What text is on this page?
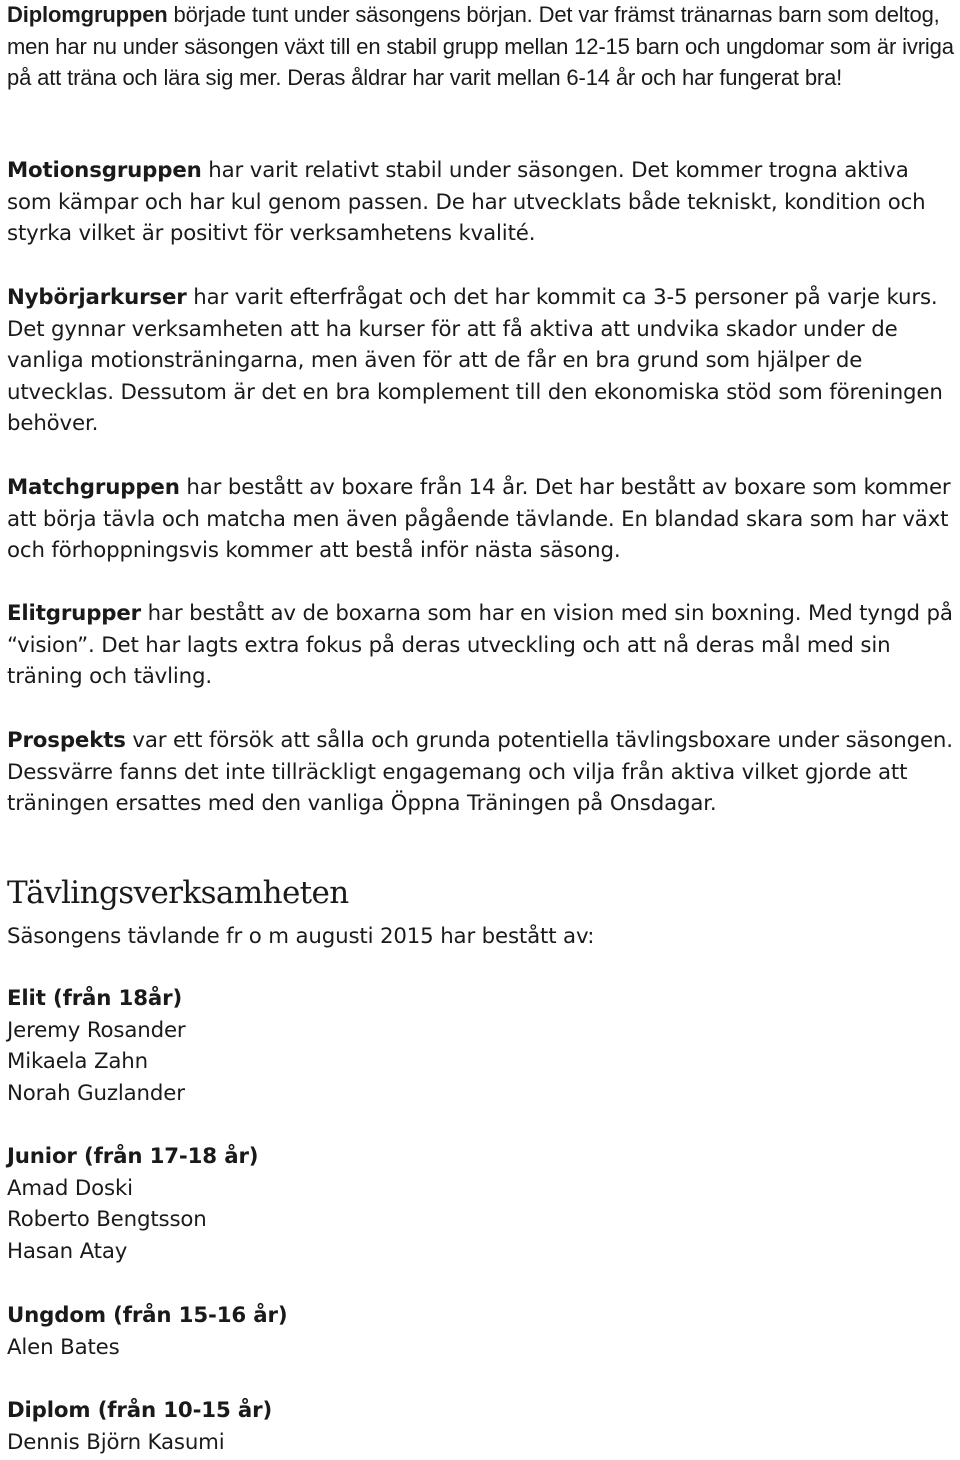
Diplomgruppen började tunt under säsongens början. Det var främst tränarnas barn som deltog, men har nu under säsongen växt till en stabil grupp mellan 12-15 barn och ungdomar som är ivriga på att träna och lära sig mer. Deras åldrar har varit mellan 6-14 år och har fungerat bra!

Motionsgruppen har varit relativt stabil under säsongen. Det kommer trogna aktiva som kämpar och har kul genom passen. De har utvecklats både tekniskt, kondition och styrka vilket är positivt för verksamhetens kvalité.

Nybörjarkurser har varit efterfrågat och det har kommit ca 3-5 personer på varje kurs. Det gynnar verksamheten att ha kurser för att få aktiva att undvika skador under de vanliga motionsträningarna, men även för att de får en bra grund som hjälper de utvecklas. Dessutom är det en bra komplement till den ekonomiska stöd som föreningen behöver.

Matchgruppen har bestått av boxare från 14 år. Det har bestått av boxare som kommer att börja tävla och matcha men även pågående tävlande. En blandad skara som har växt och förhoppningsvis kommer att bestå inför nästa säsong.

Elitgrupper har bestått av de boxarna som har en vision med sin boxning. Med tyngd på “vision”. Det har lagts extra fokus på deras utveckling och att nå deras mål med sin träning och tävling.

Prospekts var ett försök att sålla och grunda potentiella tävlingsboxare under säsongen. Dessvärre fanns det inte tillräckligt engagemang och vilja från aktiva vilket gjorde att träningen ersattes med den vanliga Öppna Träningen på Onsdagar.

Tävlingsverksamheten

Säsongens tävlande fr o m augusti 2015 har bestått av:

Elit (från 18år)
Jeremy Rosander
Mikaela Zahn
Norah Guzlander
Junior (från 17-18 år)
Amad Doski
Roberto Bengtsson
Hasan Atay
Ungdom (från 15-16 år)
Alen Bates
Diplom (från 10-15 år)
Dennis Björn Kasumi
